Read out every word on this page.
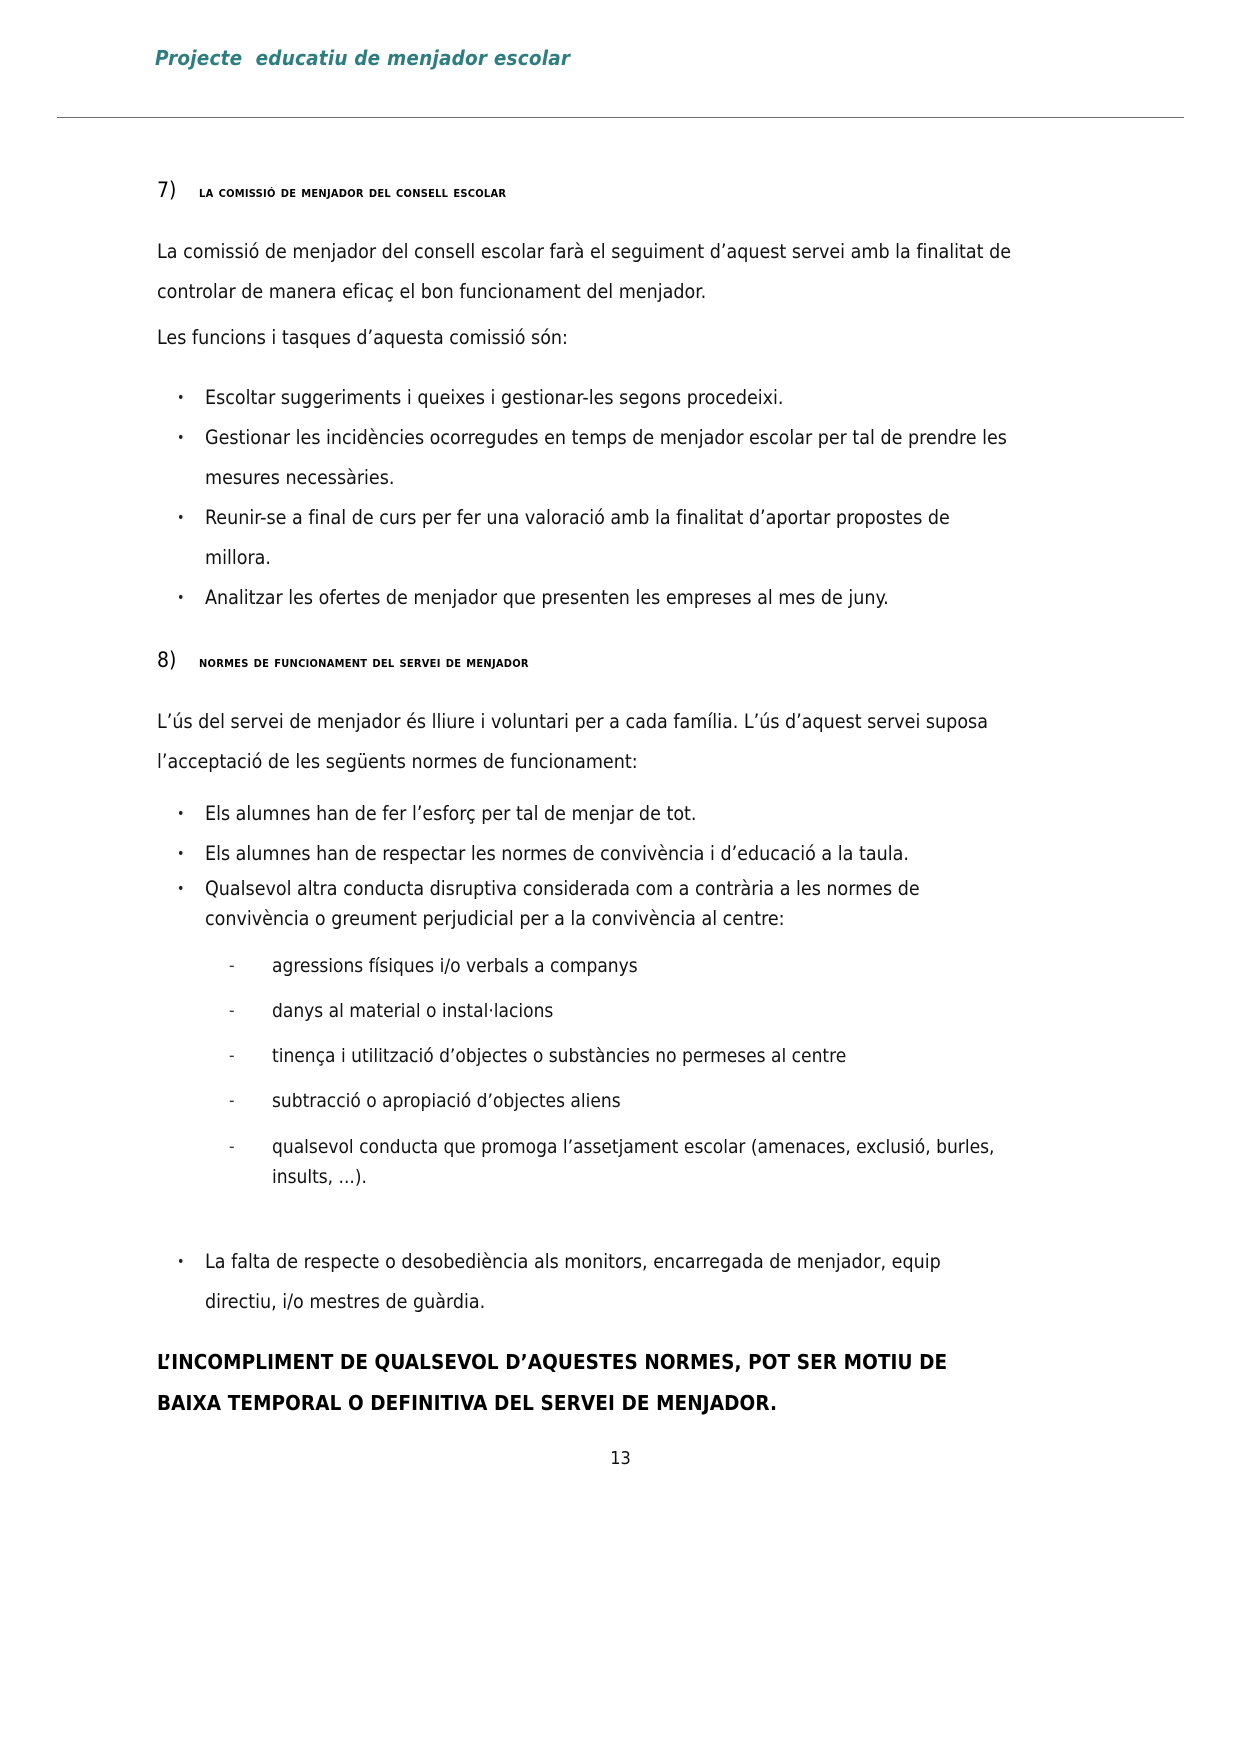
Projecte  educatiu de menjador escolar
7)	la comissió de menjador del consell escolar

La comissió de menjador del consell escolar farà el seguiment d’aquest servei amb la finalitat de controlar de manera eficaç el bon funcionament del menjador.

Les funcions i tasques d’aquesta comissió són:

• Escoltar suggeriments i queixes i gestionar-les segons procedeixi.
• Gestionar les incidències ocorregudes en temps de menjador escolar per tal de prendre les mesures necessàries.
• Reunir-se a final de curs per fer una valoració amb la finalitat d’aportar propostes de millora.
• Analitzar les ofertes de menjador que presenten les empreses al mes de juny.
8)	normes de funcionament del servei de menjador

L’ús del servei de menjador és lliure i voluntari per a cada família. L’ús d’aquest servei suposa l’acceptació de les següents normes de funcionament:

• Els alumnes han de fer l’esforç per tal de menjar de tot.
• Els alumnes han de respectar les normes de convivència i d’educació a la taula.
• Qualsevol altra conducta disruptiva considerada com a contrària a les normes de convivència o greument perjudicial per a la convivència al centre:
- agressions físiques i/o verbals a companys
- danys al material o instal·lacions
- tinença i utilització d’objectes o substàncies no permeses al centre
- subtracció o apropiació d’objectes aliens
- qualsevol conducta que promoga l’assetjament escolar (amenaces, exclusió, burles, insults, ...).
• La falta de respecte o desobediència als monitors, encarregada de menjador, equip directiu, i/o mestres de guàrdia.

L’INCOMPLIMENT DE QUALSEVOL D’AQUESTES NORMES, POT SER MOTIU DE BAIXA TEMPORAL O DEFINITIVA DEL SERVEI DE MENJADOR.

13
